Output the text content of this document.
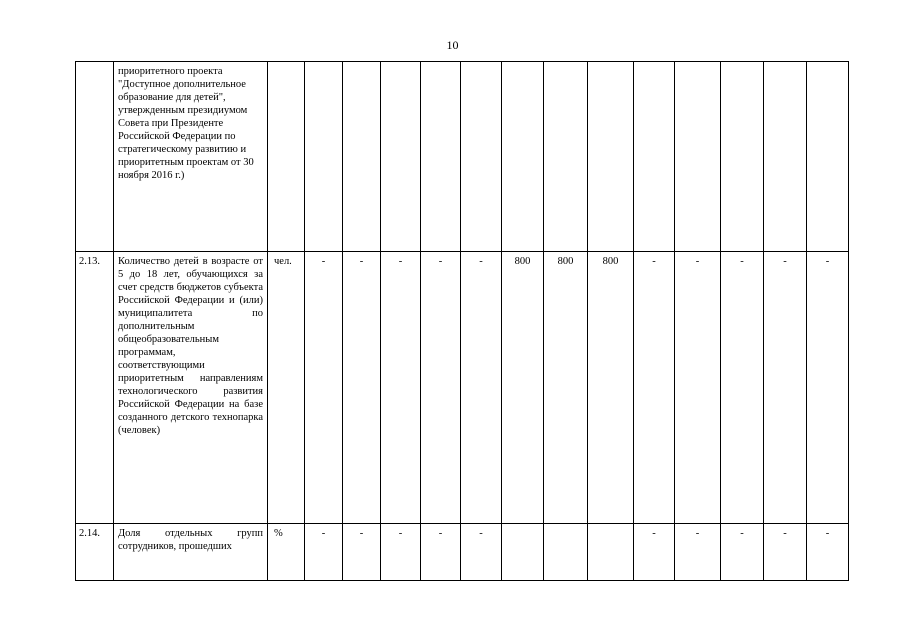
10
	приоритетного проекта "Доступное дополнительное образование для детей", утвержденным президиумом Совета при Президенте Российской Федерации по стратегическому развитию и приоритетным проектам от 30 ноября 2016 г.)														
2.13.	Количество детей в возрасте от 5 до 18 лет, обучающихся за счет средств бюджетов субъекта Российской Федерации и (или) муниципалитета по дополнительным общеобразовательным программам, соответствующими приоритетным направлениям технологического развития Российской Федерации на базе созданного детского технопарка (человек)	чел.	-	-	-	-	-	800	800	800	-	-	-	-	-
2.14.	Доля отдельных групп сотрудников, прошедших	%	-	-	-	-	-				-	-	-	-	-
